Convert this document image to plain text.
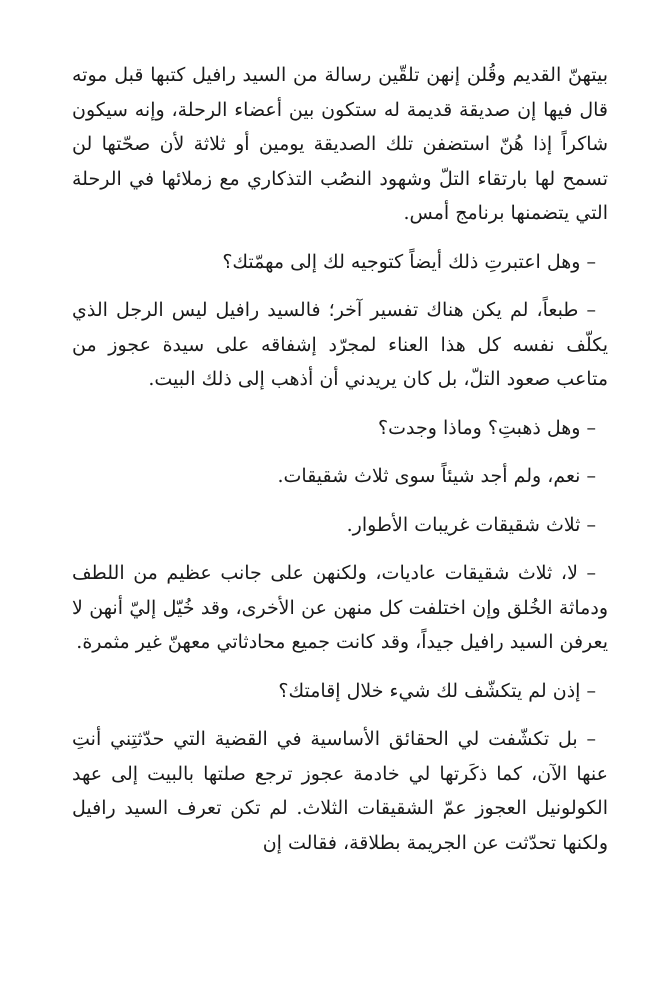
بيتهنّ القديم وقُلن إنهن تلقّين رسالة من السيد رافيل كتبها قبل موته قال فيها إن صديقة قديمة له ستكون بين أعضاء الرحلة، وإنه سيكون شاكراً إذا هُنّ استضفن تلك الصديقة يومين أو ثلاثة لأن صحّتها لن تسمح لها بارتقاء التلّ وشهود النصُب التذكاري مع زملائها في الرحلة التي يتضمنها برنامج أمس.

– وهل اعتبرتِ ذلك أيضاً كتوجيه لك إلى مهمّتك؟

– طبعاً، لم يكن هناك تفسير آخر؛ فالسيد رافيل ليس الرجل الذي يكلّف نفسه كل هذا العناء لمجرّد إشفاقه على سيدة عجوز من متاعب صعود التلّ، بل كان يريدني أن أذهب إلى ذلك البيت.

– وهل ذهبتِ؟ وماذا وجدت؟

– نعم، ولم أجد شيئاً سوى ثلاث شقيقات.

– ثلاث شقيقات غريبات الأطوار.

– لا، ثلاث شقيقات عاديات، ولكنهن على جانب عظيم من اللطف ودماثة الخُلق وإن اختلفت كل منهن عن الأخرى، وقد خُيّل إليّ أنهن لا يعرفن السيد رافيل جيداً، وقد كانت جميع محادثاتي معهنّ غير مثمرة.

– إذن لم يتكشّف لك شيء خلال إقامتك؟

– بل تكشّفت لي الحقائق الأساسية في القضية التي حدّثتِني أنتِ عنها الآن، كما ذكَرتها لي خادمة عجوز ترجع صلتها بالبيت إلى عهد الكولونيل العجوز عمّ الشقيقات الثلاث. لم تكن تعرف السيد رافيل ولكنها تحدّثت عن الجريمة بطلاقة، فقالت إن
